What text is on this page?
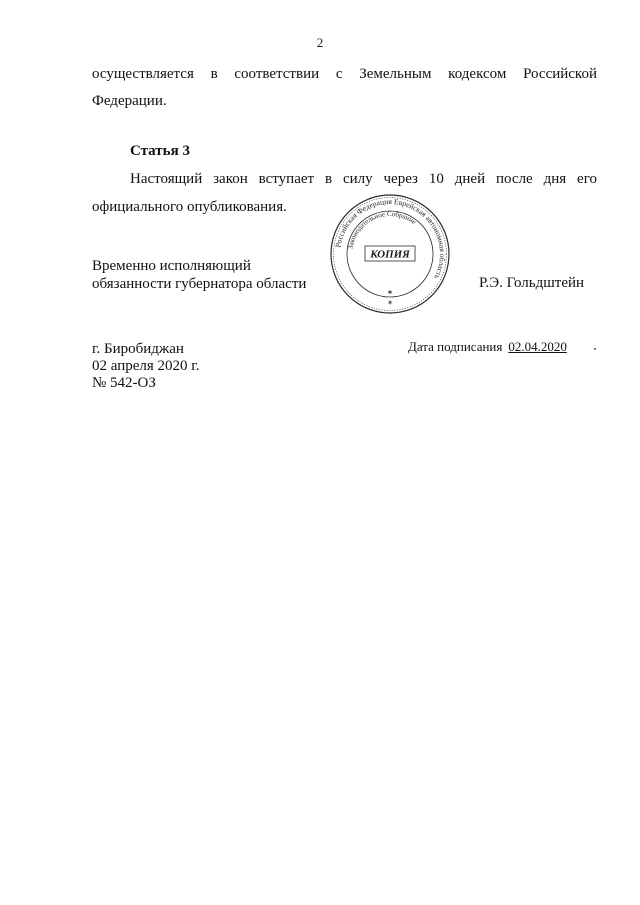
2
осуществляется в соответствии с Земельным кодексом Российской
Федерации.
Статья 3
Настоящий закон вступает в силу через 10 дней после дня его
официального опубликования.
Российская Федерация Еврейская автономная область
Законодательное Собрание
КОПИЯ
✶
✶
Временно исполняющий
обязанности губернатора области	Р.Э. Гольдштейн
г. Биробиджан
02 апреля 2020 г.
№ 542-ОЗ
Дата подписания 02.04.2020
